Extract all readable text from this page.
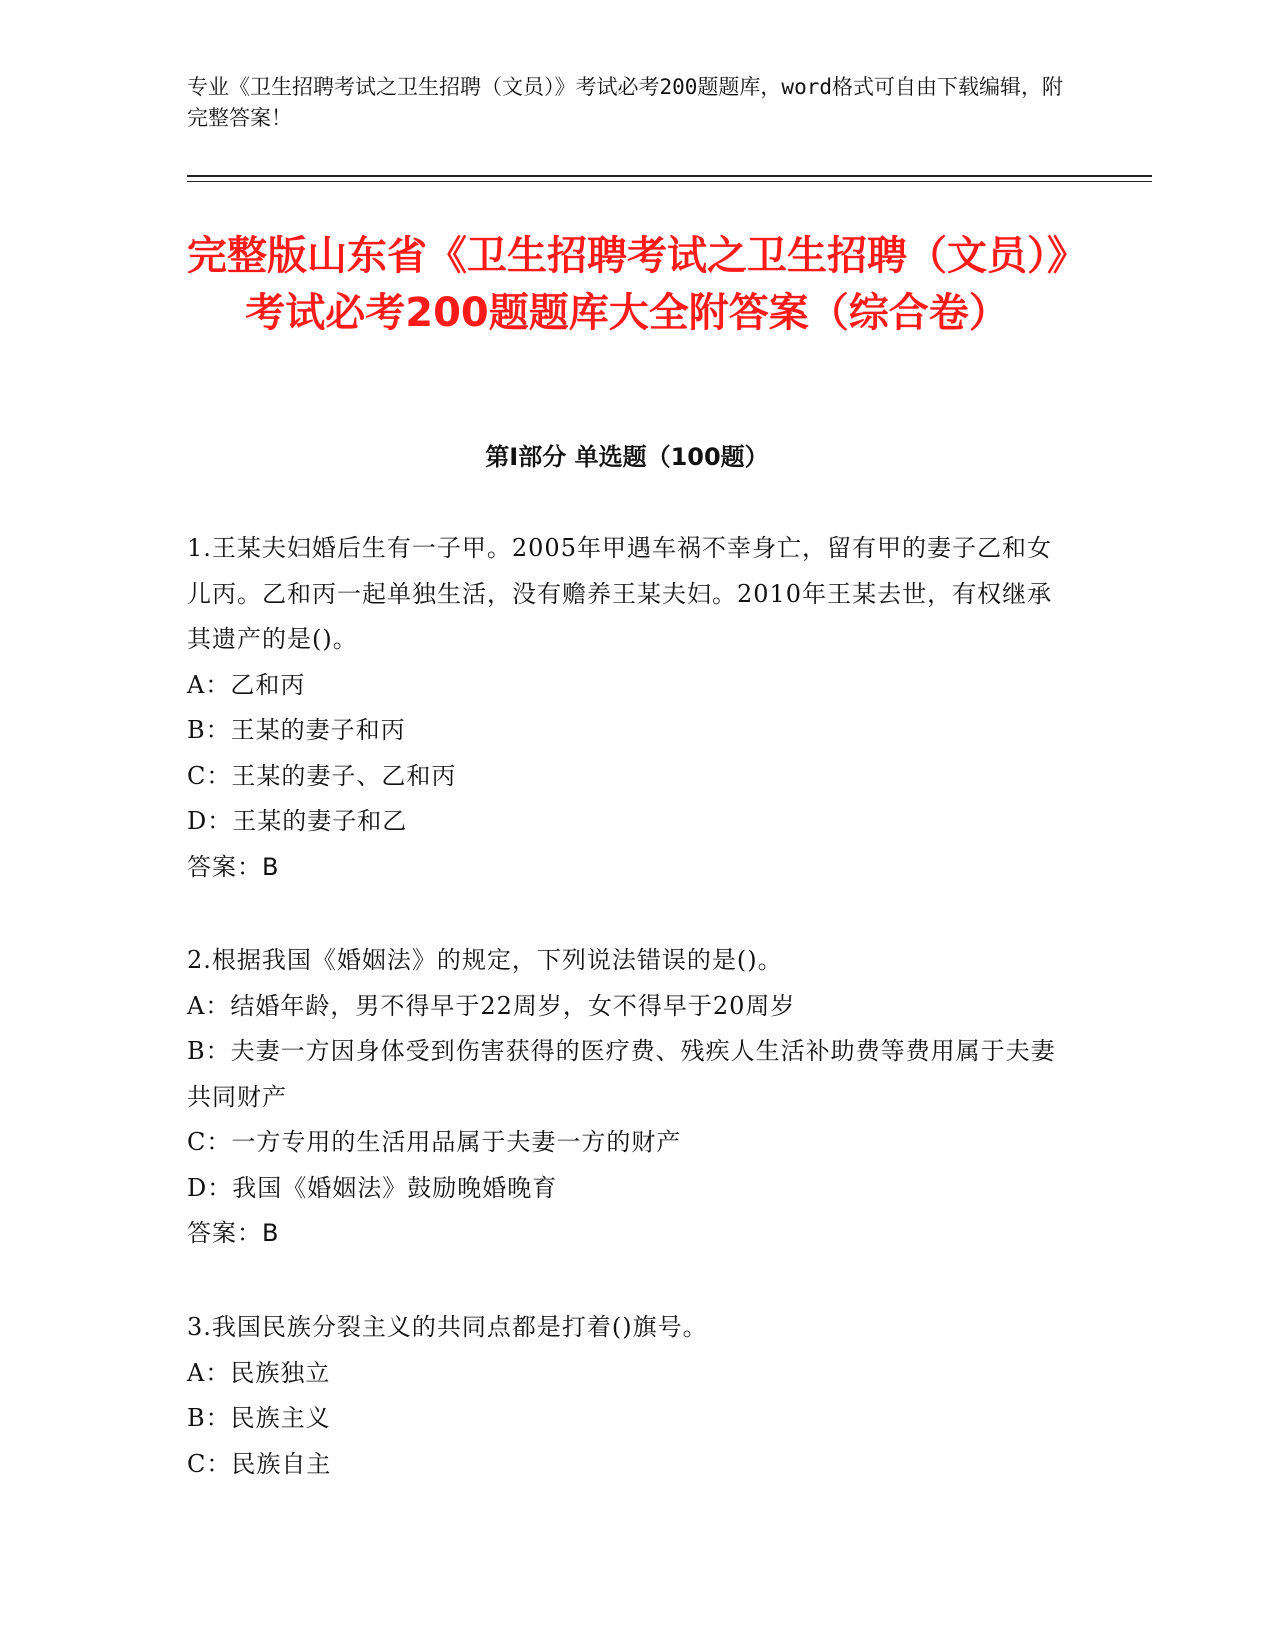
专业《卫生招聘考试之卫生招聘（文员）》考试必考200题题库，word格式可自由下载编辑，附完整答案！
完整版山东省《卫生招聘考试之卫生招聘（文员）》考试必考200题题库大全附答案（综合卷）
第I部分 单选题（100题）
1.王某夫妇婚后生有一子甲。2005年甲遇车祸不幸身亡，留有甲的妻子乙和女儿丙。乙和丙一起单独生活，没有赡养王某夫妇。2010年王某去世，有权继承其遗产的是()。
A：乙和丙
B：王某的妻子和丙
C：王某的妻子、乙和丙
D：王某的妻子和乙
答案：B
2.根据我国《婚姻法》的规定，下列说法错误的是()。
A：结婚年龄，男不得早于22周岁，女不得早于20周岁
B：夫妻一方因身体受到伤害获得的医疗费、残疾人生活补助费等费用属于夫妻共同财产
C：一方专用的生活用品属于夫妻一方的财产
D：我国《婚姻法》鼓励晚婚晚育
答案：B
3.我国民族分裂主义的共同点都是打着()旗号。
A：民族独立
B：民族主义
C：民族自主
